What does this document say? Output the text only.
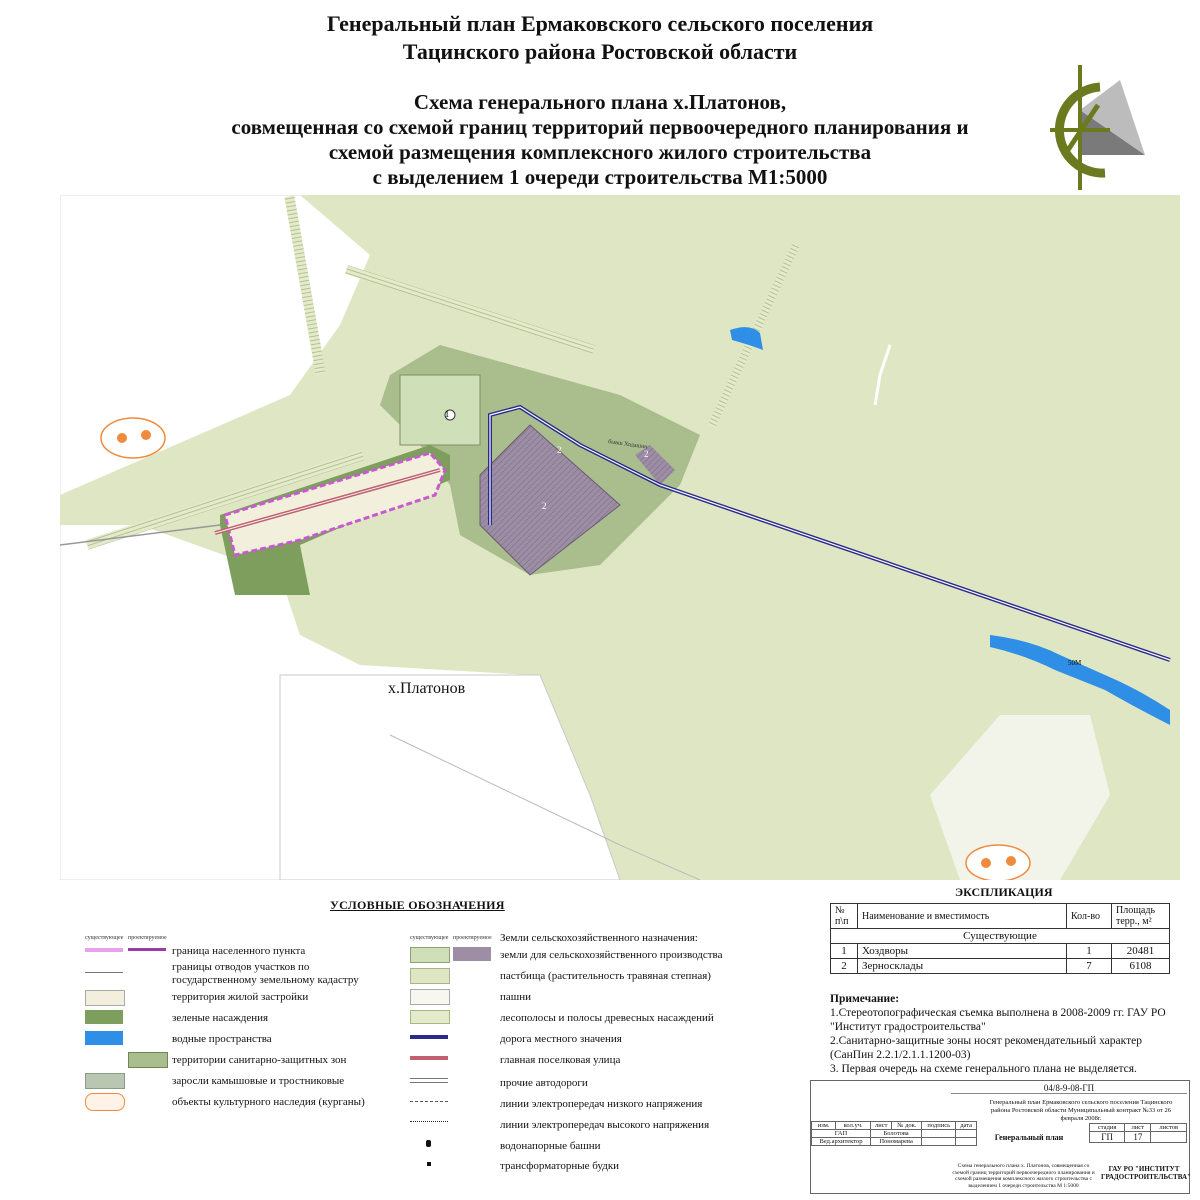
Генеральный план Ермаковского сельского поселения
Тацинского района Ростовской области
Схема генерального плана х.Платонов,
совмещенная со схемой границ территорий первоочередного планирования и
схемой размещения комплексного жилого строительства
с выделением 1 очереди строительства М1:5000
х.Платонов
1
2
2
2
50М
бывш Ходашин
УСЛОВНЫЕ ОБОЗНАЧЕНИЯ
существующее проектируемое	существующее проектируемое
граница населенного пункта
границы отводов участков по государственному земельному кадастру
территория жилой застройки
зеленые насаждения
водные пространства
территории санитарно-защитных зон
заросли камышовые и тростниковые
объекты культурного наследия (курганы)
Земли сельскохозяйственного назначения:
земли для сельскохозяйственного производства
пастбища (растительность травяная степная)
пашни
лесополосы и полосы древесных насаждений
дорога местного значения
главная поселковая улица
прочие автодороги
линии электропередач низкого напряжения
линии электропередач высокого напряжения
водонапорные башни
трансформаторные будки
ЭКСПЛИКАЦИЯ
№ п\п	Наименование и вместимость	Кол-во	Площадь терр., м²
Существующие			
1	Хоздворы	1	20481
2	Зерносклады	7	6108
Примечание:
1.Стереотопографическая съемка выполнена в 2008-2009 гг. ГАУ РО "Институт градостроительства"
2.Санитарно-защитные зоны носят рекомендательный характер (СанПин 2.2.1/2.1.1.1200-03)
3. Первая очередь на схеме генерального плана не выделяется.
04/8-9-08-ГП
Генеральный план Ермаковского сельского поселения Тацинского района Ростовской области Муниципальный контракт №33 от 26 февраля 2008г.
изм.	кол.уч.	лист	№ док.	подпись	дата
ГАП		Болотова			
Вед.архитектор		Пономарева				Генеральный план
стадия	лист	листов
ГП	17	
Схема генерального плана х. Платонов, совмещенная со схемой границ территорий первоочередного планирования и схемой размещения комплексного жилого строительства с выделением 1 очереди строительства М 1:5000
ГАУ РО "ИНСТИТУТ ГРАДОСТРОИТЕЛЬСТВА"
